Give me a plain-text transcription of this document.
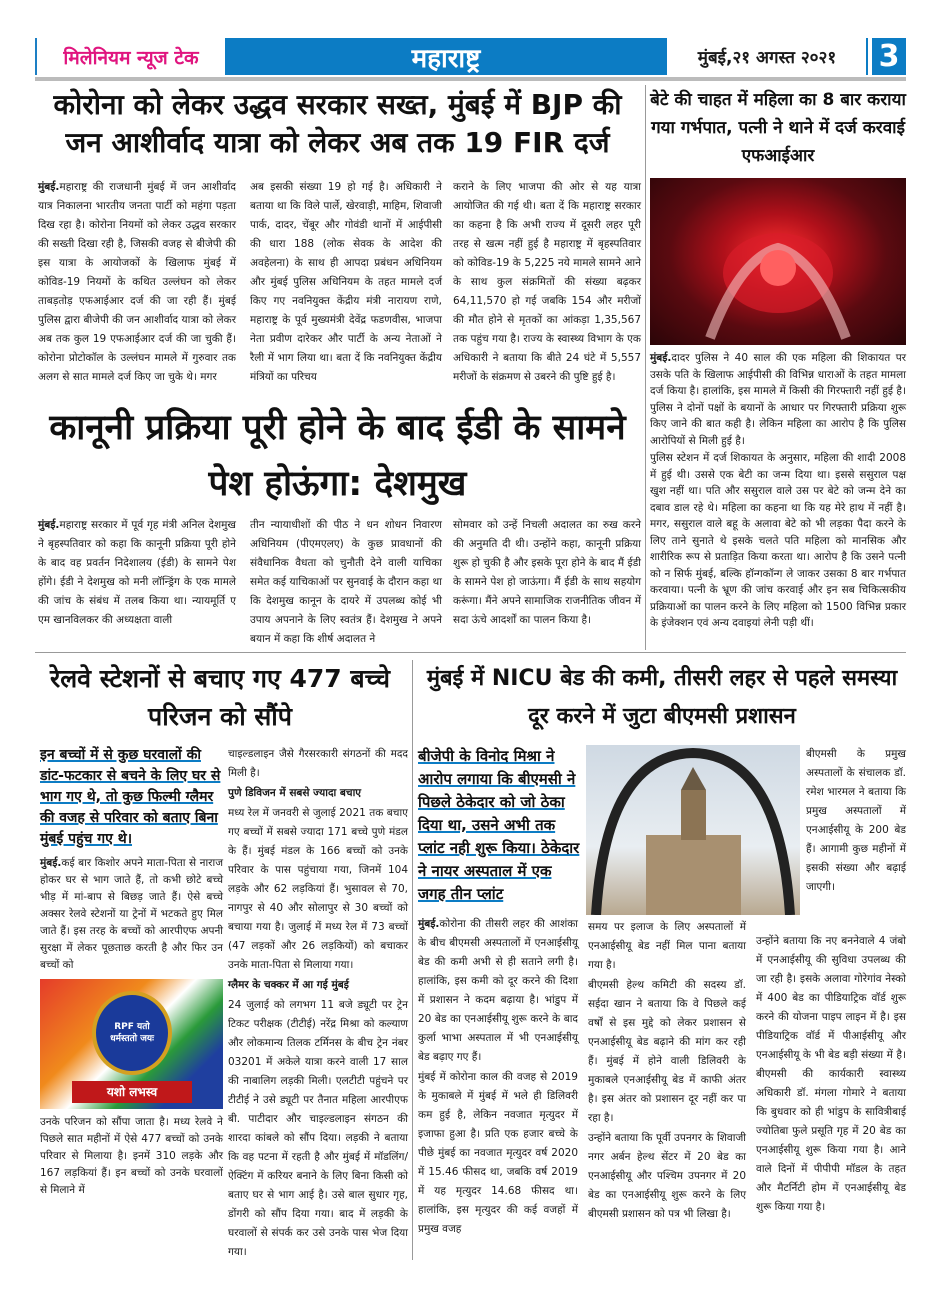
मिलेनियम न्यूज टेक	महाराष्ट्र	मुंबई,२१ अगस्त २०२१	3
कोरोना को लेकर उद्धव सरकार सख्त, मुंबई में BJP की जन आशीर्वाद यात्रा को लेकर अब तक 19 FIR दर्ज
मुंबई.महाराष्ट्र की राजधानी मुंबई में जन आशीर्वाद यात्र निकालना भारतीय जनता पार्टी को महंगा पड़ता दिख रहा है। कोरोना नियमों को लेकर उद्धव सरकार की सख्ती दिखा रही है, जिसकी वजह से बीजेपी की इस यात्रा के आयोजकों के खिलाफ मुंबई में कोविड-19 नियमों के कथित उल्लंघन को लेकर ताबड़तोड़ एफआईआर दर्ज की जा रही हैं। मुंबई पुलिस द्वारा बीजेपी की जन आशीर्वाद यात्रा को लेकर अब तक कुल 19 एफआईआर दर्ज की जा चुकी हैं। कोरोना प्रोटोकॉल के उल्लंघन मामले में गुरुवार तक अलग से सात मामले दर्ज किए जा चुके थे। मगर
अब इसकी संख्या 19 हो गई है। अधिकारी ने बताया था कि विले पार्ले, खेरवाड़ी, माहिम, शिवाजी पार्क, दादर, चेंबूर और गोवंडी थानों में आईपीसी की धारा 188 (लोक सेवक के आदेश की अवहेलना) के साथ ही आपदा प्रबंधन अधिनियम और मुंबई पुलिस अधिनियम के तहत मामले दर्ज किए गए नवनियुक्त केंद्रीय मंत्री नारायण राणे, महाराष्ट्र के पूर्व मुख्यमंत्री देवेंद्र फडणवीस, भाजपा नेता प्रवीण दारेकर और पार्टी के अन्य नेताओं ने रैली में भाग लिया था। बता दें कि नवनियुक्त केंद्रीय मंत्रियों का परिचय
कराने के लिए भाजपा की ओर से यह यात्रा आयोजित की गई थी। बता दें कि महाराष्ट्र सरकार का कहना है कि अभी राज्य में दूसरी लहर पूरी तरह से खत्म नहीं हुई है महाराष्ट्र में बृहस्पतिवार को कोविड-19 के 5,225 नये मामले सामने आने के साथ कुल संक्रमितों की संख्या बढ़कर 64,11,570 हो गई जबकि 154 और मरीजों की मौत होने से मृतकों का आंकड़ा 1,35,567 तक पहुंच गया है। राज्य के स्वास्थ्य विभाग के एक अधिकारी ने बताया कि बीते 24 घंटे में 5,557 मरीजों के संक्रमण से उबरने की पुष्टि हुई है।
कानूनी प्रक्रिया पूरी होने के बाद ईडी के सामने पेश होऊंगा: देशमुख
मुंबई.महाराष्ट्र सरकार में पूर्व गृह मंत्री अनिल देशमुख ने बृहस्पतिवार को कहा कि कानूनी प्रक्रिया पूरी होने के बाद वह प्रवर्तन निदेशालय (ईडी) के सामने पेश होंगे। ईडी ने देशमुख को मनी लॉन्ड्रिंग के एक मामले की जांच के संबंध में तलब किया था। न्यायमूर्ति ए एम खानविलकर की अध्यक्षता वाली
तीन न्यायाधीशों की पीठ ने धन शोधन निवारण अधिनियम (पीएमएलए) के कुछ प्रावधानों की संवैधानिक वैधता को चुनौती देने वाली याचिका समेत कई याचिकाओं पर सुनवाई के दौरान कहा था कि देशमुख कानून के दायरे में उपलब्ध कोई भी उपाय अपनाने के लिए स्वतंत्र हैं। देशमुख ने अपने बयान में कहा कि शीर्ष अदालत ने
सोमवार को उन्हें निचली अदालत का रुख करने की अनुमति दी थी। उन्होंने कहा, कानूनी प्रक्रिया शुरू हो चुकी है और इसके पूरा होने के बाद मैं ईडी के सामने पेश हो जाऊंगा। मैं ईडी के साथ सहयोग करूंगा। मैंने अपने सामाजिक राजनीतिक जीवन में सदा ऊंचे आदर्शों का पालन किया है।
बेटे की चाहत में महिला का 8 बार कराया गया गर्भपात, पत्नी ने थाने में दर्ज करवाई एफआईआर

मुंबई.दादर पुलिस ने 40 साल की एक महिला की शिकायत पर उसके पति के खिलाफ आईपीसी की विभिन्न धाराओं के तहत मामला दर्ज किया है। हालांकि, इस मामले में किसी की गिरफ्तारी नहीं हुई है। पुलिस ने दोनों पक्षों के बयानों के आधार पर गिरफ्तारी प्रक्रिया शुरू किए जाने की बात कही है। लेकिन महिला का आरोप है कि पुलिस आरोपियों से मिली हुई है।

पुलिस स्टेशन में दर्ज शिकायत के अनुसार, महिला की शादी 2008 में हुई थी। उससे एक बेटी का जन्म दिया था। इससे ससुराल पक्ष खुश नहीं था। पति और ससुराल वाले उस पर बेटे को जन्म देने का दबाव डाल रहे थे। महिला का कहना था कि यह मेरे हाथ में नहीं है। मगर, ससुराल वाले बहू के अलावा बेटे को भी लड़का पैदा करने के लिए ताने सुनाते थे इसके चलते पति महिला को मानसिक और शारीरिक रूप से प्रताड़ित किया करता था। आरोप है कि उसने पत्नी को न सिर्फ मुंबई, बल्कि हॉन्गकॉन्ग ले जाकर उसका 8 बार गर्भपात करवाया। पत्नी के भ्रूण की जांच करवाई और इन सब चिकित्सकीय प्रक्रियाओं का पालन करने के लिए महिला को 1500 विभिन्न प्रकार के इंजेक्शन एवं अन्य दवाइयां लेनी पड़ी थीं।

रेलवे स्टेशनों से बचाए गए 477 बच्चे परिजन को सौंपे
इन बच्चों में से कुछ घरवालों की डांट-फटकार से बचने के लिए घर से भाग गए थे, तो कुछ फिल्मी ग्लैमर की वजह से परिवार को बताए बिना मुंबई पहुंच गए थे।
मुंबई.कई बार किशोर अपने माता-पिता से नाराज होकर घर से भाग जाते हैं, तो कभी छोटे बच्चे भीड़ में मां-बाप से बिछड़ जाते हैं। ऐसे बच्चे अक्सर रेलवे स्टेशनों या ट्रेनों में भटकते हुए मिल जाते हैं। इस तरह के बच्चों को आरपीएफ अपनी सुरक्षा में लेकर पूछताछ करती है और फिर उन बच्चों को
RPF यतो धर्मस्ततो जयः
यशो लभस्व
उनके परिजन को सौंपा जाता है। मध्य रेलवे ने पिछले सात महीनों में ऐसे 477 बच्चों को उनके परिवार से मिलाया है। इनमें 310 लड़के और 167 लड़कियां हैं। इन बच्चों को उनके घरवालों से मिलाने में

चाइल्डलाइन जैसे गैरसरकारी संगठनों की मदद मिली है।

पुणे डिविजन में सबसे ज्यादा बचाए

मध्य रेल में जनवरी से जुलाई 2021 तक बचाए गए बच्चों में सबसे ज्यादा 171 बच्चे पुणे मंडल के हैं। मुंबई मंडल के 166 बच्चों को उनके परिवार के पास पहुंचाया गया, जिनमें 104 लड़के और 62 लड़कियां हैं। भुसावल से 70, नागपुर से 40 और सोलापुर से 30 बच्चों को बचाया गया है। जुलाई में मध्य रेल में 73 बच्चों (47 लड़कों और 26 लड़कियों) को बचाकर उनके माता-पिता से मिलाया गया।

ग्लैमर के चक्कर में आ गई मुंबई

24 जुलाई को लगभग 11 बजे ड्यूटी पर ट्रेन टिकट परीक्षक (टीटीई) नरेंद्र मिश्रा को कल्याण और लोकमान्य तिलक टर्मिनस के बीच ट्रेन नंबर 03201 में अकेले यात्रा करने वाली 17 साल की नाबालिग लड़की मिली। एलटीटी पहुंचने पर टीटीई ने उसे ड्यूटी पर तैनात महिला आरपीएफ बी. पाटीदार और चाइल्डलाइन संगठन की शारदा कांबले को सौंप दिया। लड़की ने बताया कि वह पटना में रहती है और मुंबई में मॉडलिंग/ऐक्टिंग में करियर बनाने के लिए बिना किसी को बताए घर से भाग आई है। उसे बाल सुधार गृह, डोंगरी को सौंप दिया गया। बाद में लड़की के घरवालों से संपर्क कर उसे उनके पास भेज दिया गया।

मुंबई में NICU बेड की कमी, तीसरी लहर से पहले समस्या दूर करने में जुटा बीएमसी प्रशासन
बीजेपी के विनोद मिश्रा ने आरोप लगाया कि बीएमसी ने पिछले ठेकेदार को जो ठेका दिया था, उसने अभी तक प्लांट नही शुरू किया। ठेकेदार ने नायर अस्पताल में एक जगह तीन प्लांट
बीएमसी के प्रमुख अस्पतालों के संचालक डॉ. रमेश भारमल ने बताया कि प्रमुख अस्पतालों में एनआईसीयू के 200 बेड हैं। आगामी कुछ महीनों में इसकी संख्या और बढ़ाई जाएगी।

मुंबई.कोरोना की तीसरी लहर की आशंका के बीच बीएमसी अस्पतालों में एनआईसीयू बेड की कमी अभी से ही सताने लगी है। हालांकि, इस कमी को दूर करने की दिशा में प्रशासन ने कदम बढ़ाया है। भांडुप में 20 बेड का एनआईसीयू शुरू करने के बाद कुर्ला भाभा अस्पताल में भी एनआईसीयू बेड बढ़ाए गए हैं।

मुंबई में कोरोना काल की वजह से 2019 के मुकाबले में मुंबई में भले ही डिलिवरी कम हुई है, लेकिन नवजात मृत्युदर में इजाफा हुआ है। प्रति एक हजार बच्चे के पीछे मुंबई का नवजात मृत्युदर वर्ष 2020 में 15.46 फीसद था, जबकि वर्ष 2019 में यह मृत्युदर 14.68 फीसद था। हालांकि, इस मृत्युदर की कई वजहों में प्रमुख वजह

समय पर इलाज के लिए अस्पतालों में एनआईसीयू बेड नहीं मिल पाना बताया गया है।

बीएमसी हेल्थ कमिटी की सदस्य डॉ. सईदा खान ने बताया कि वे पिछले कई वर्षों से इस मुद्दे को लेकर प्रशासन से एनआईसीयू बेड बढ़ाने की मांग कर रही हैं। मुंबई में होने वाली डिलिवरी के मुकाबले एनआईसीयू बेड में काफी अंतर है। इस अंतर को प्रशासन दूर नहीं कर पा रहा है।

उन्होंने बताया कि पूर्वी उपनगर के शिवाजी नगर अर्बन हेल्थ सेंटर में 20 बेड का एनआईसीयू और पश्चिम उपनगर में 20 बेड का एनआईसीयू शुरू करने के लिए बीएमसी प्रशासन को पत्र भी लिखा है।

उन्होंने बताया कि नए बननेवाले 4 जंबो में एनआईसीयू की सुविधा उपलब्ध की जा रही है। इसके अलावा गोरेगांव नेस्को में 400 बेड का पीडियाट्रिक वॉर्ड शुरू करने की योजना पाइप लाइन में है। इस पीडियाट्रिक वॉर्ड में पीआईसीयू और एनआईसीयू के भी बेड बड़ी संख्या में है। बीएमसी की कार्यकारी स्वास्थ्य अधिकारी डॉ. मंगला गोमारे ने बताया कि बुधवार को ही भांडुप के सावित्रीबाई ज्योतिबा फुले प्रसूति गृह में 20 बेड का एनआईसीयू शुरू किया गया है। आने वाले दिनों में पीपीपी मॉडल के तहत और मैटर्निटी होम में एनआईसीयू बेड शुरू किया गया है।
